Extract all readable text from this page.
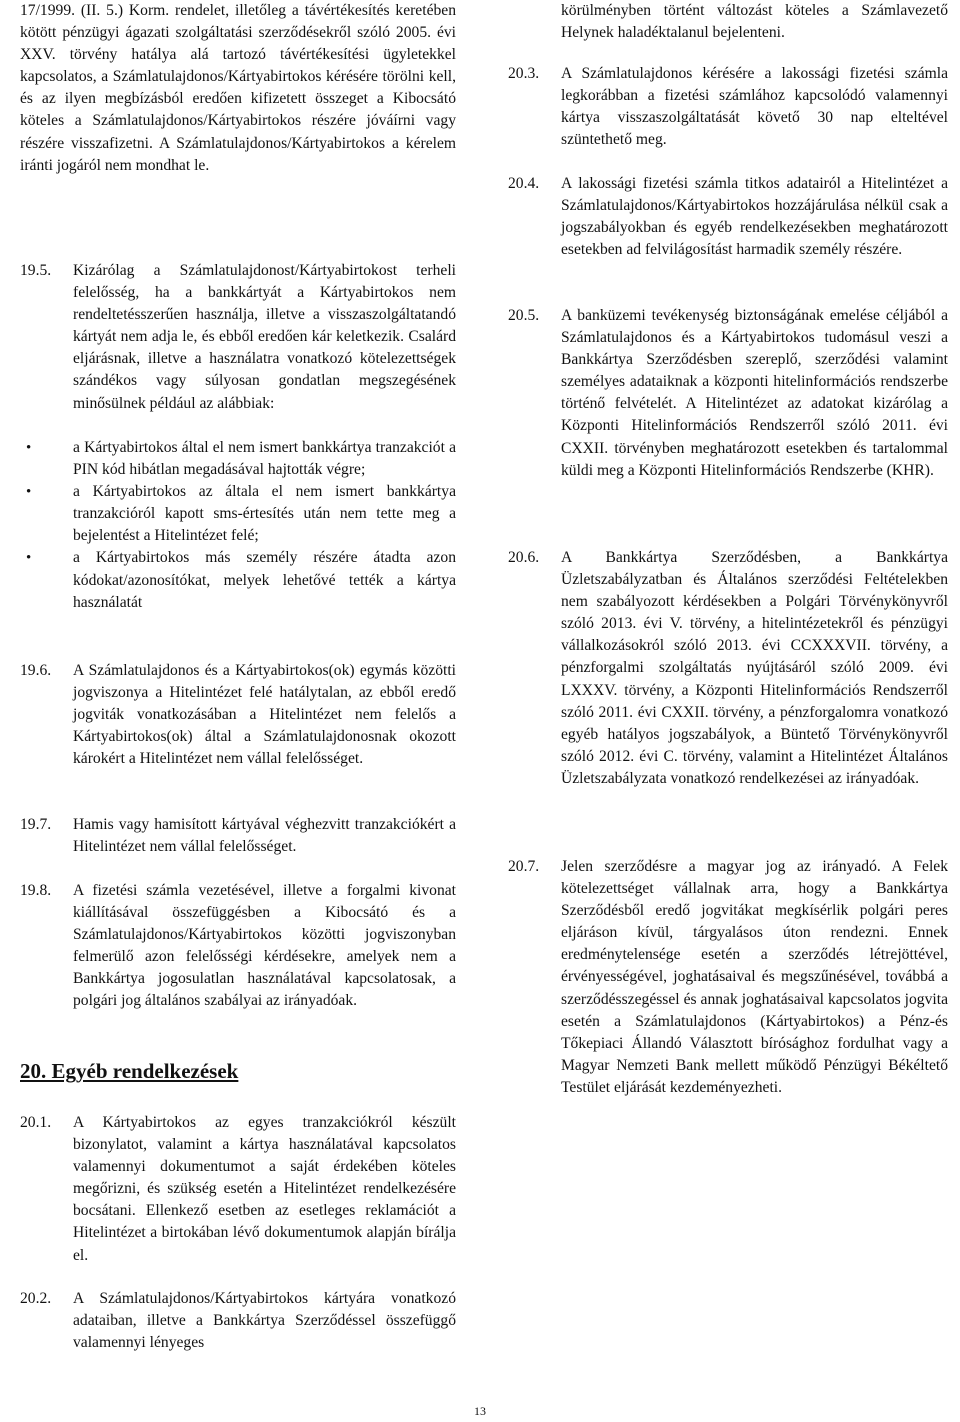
17/1999. (II. 5.) Korm. rendelet, illetőleg a távértékesítés keretében kötött pénzügyi ágazati szolgáltatási szerződésekről szóló 2005. évi XXV. törvény hatálya alá tartozó távértékesítési ügyletekkel kapcsolatos, a Számlatulajdonos/Kártyabirtokos kérésére törölni kell, és az ilyen megbízásból eredően kifizetett összeget a Kibocsátó köteles a Számlatulajdonos/Kártyabirtokos részére jóváírni vagy részére visszafizetni. A Számlatulajdonos/Kártyabirtokos a kérelem iránti jogáról nem mondhat le.

19.5.	Kizárólag a Számlatulajdonost/Kártyabirtokost terheli felelősség, ha a bankkártyát a Kártyabirtokos nem rendeltetésszerűen használja, illetve a visszaszolgáltatandó kártyát nem adja le, és ebből eredően kár keletkezik. Csalárd eljárásnak, illetve a használatra vonatkozó kötelezettségek szándékos vagy súlyosan gondatlan megszegésének minősülnek például az alábbiak:
•	a Kártyabirtokos által el nem ismert bankkártya tranzakciót a PIN kód hibátlan megadásával hajtották végre;
•	a Kártyabirtokos az általa el nem ismert bankkártya tranzakcióról kapott sms-értesítés után nem tette meg a bejelentést a Hitelintézet felé;
•	a Kártyabirtokos más személy részére átadta azon kódokat/azonosítókat, melyek lehetővé tették a kártya használatát
19.6.	A Számlatulajdonos és a Kártyabirtokos(ok) egymás közötti jogviszonya a Hitelintézet felé hatálytalan, az ebből eredő jogviták vonatkozásában a Hitelintézet nem felelős a Kártyabirtokos(ok) által a Számlatulajdonosnak okozott károkért a Hitelintézet nem vállal felelősséget.
19.7.	Hamis vagy hamisított kártyával véghezvitt tranzakciókért a Hitelintézet nem vállal felelősséget.
19.8.	A fizetési számla vezetésével, illetve a forgalmi kivonat kiállításával összefüggésben a Kibocsátó és a Számlatulajdonos/Kártyabirtokos közötti jogviszonyban felmerülő azon felelősségi kérdésekre, amelyek nem a Bankkártya jogosulatlan használatával kapcsolatosak, a polgári jog általános szabályai az irányadóak.

20. Egyéb rendelkezések

20.1.	A Kártyabirtokos az egyes tranzakciókról készült bizonylatot, valamint a kártya használatával kapcsolatos valamennyi dokumentumot a saját érdekében köteles megőrizni, és szükség esetén a Hitelintézet rendelkezésére bocsátani. Ellenkező esetben az esetleges reklamációt a Hitelintézet a birtokában lévő dokumentumok alapján bírálja el.
20.2.	A Számlatulajdonos/Kártyabirtokos kártyára vonatkozó adataiban, illetve a Bankkártya Szerződéssel összefüggő valamennyi lényeges

körülményben történt változást köteles a Számlavezető Helynek haladéktalanul bejelenteni.

20.3.	A Számlatulajdonos kérésére a lakossági fizetési számla legkorábban a fizetési számlához kapcsolódó valamennyi kártya visszaszolgáltatását követő 30 nap elteltével szüntethető meg.
20.4.	A lakossági fizetési számla titkos adatairól a Hitelintézet a Számlatulajdonos/Kártyabirtokos hozzájárulása nélkül csak a jogszabályokban és egyéb rendelkezésekben meghatározott esetekben ad felvilágosítást harmadik személy részére.
20.5.	A banküzemi tevékenység biztonságának emelése céljából a Számlatulajdonos és a Kártyabirtokos tudomásul veszi a Bankkártya Szerződésben szereplő, szerződési valamint személyes adataiknak a központi hitelinformációs rendszerbe történő felvételét. A Hitelintézet az adatokat kizárólag a Központi Hitelinformációs Rendszerről szóló 2011. évi CXXII. törvényben meghatározott esetekben és tartalommal küldi meg a Központi Hitelinformációs Rendszerbe (KHR).
20.6.	A Bankkártya Szerződésben, a Bankkártya Üzletszabályzatban és Általános szerződési Feltételekben nem szabályozott kérdésekben a Polgári Törvénykönyvről szóló 2013. évi V. törvény, a hitelintézetekről és pénzügyi vállalkozásokról szóló 2013. évi CCXXXVII. törvény, a pénzforgalmi szolgáltatás nyújtásáról szóló 2009. évi LXXXV. törvény, a Központi Hitelinformációs Rendszerről szóló 2011. évi CXXII. törvény, a pénzforgalomra vonatkozó egyéb hatályos jogszabályok, a Büntető Törvénykönyvről szóló 2012. évi C. törvény, valamint a Hitelintézet Általános Üzletszabályzata vonatkozó rendelkezései az irányadóak.
20.7.	Jelen szerződésre a magyar jog az irányadó. A Felek kötelezettséget vállalnak arra, hogy a Bankkártya Szerződésből eredő jogvitákat megkísérlik polgári peres eljáráson kívül, tárgyalásos úton rendezni. Ennek eredménytelensége esetén a szerződés létrejöttével, érvényességével, joghatásaival és megszűnésével, továbbá a szerződésszegéssel és annak joghatásaival kapcsolatos jogvita esetén a Számlatulajdonos (Kártyabirtokos) a Pénz-és Tőkepiaci Állandó Választott bírósághoz fordulhat vagy a Magyar Nemzeti Bank mellett működő Pénzügyi Békéltető Testület eljárását kezdeményezheti.
13
